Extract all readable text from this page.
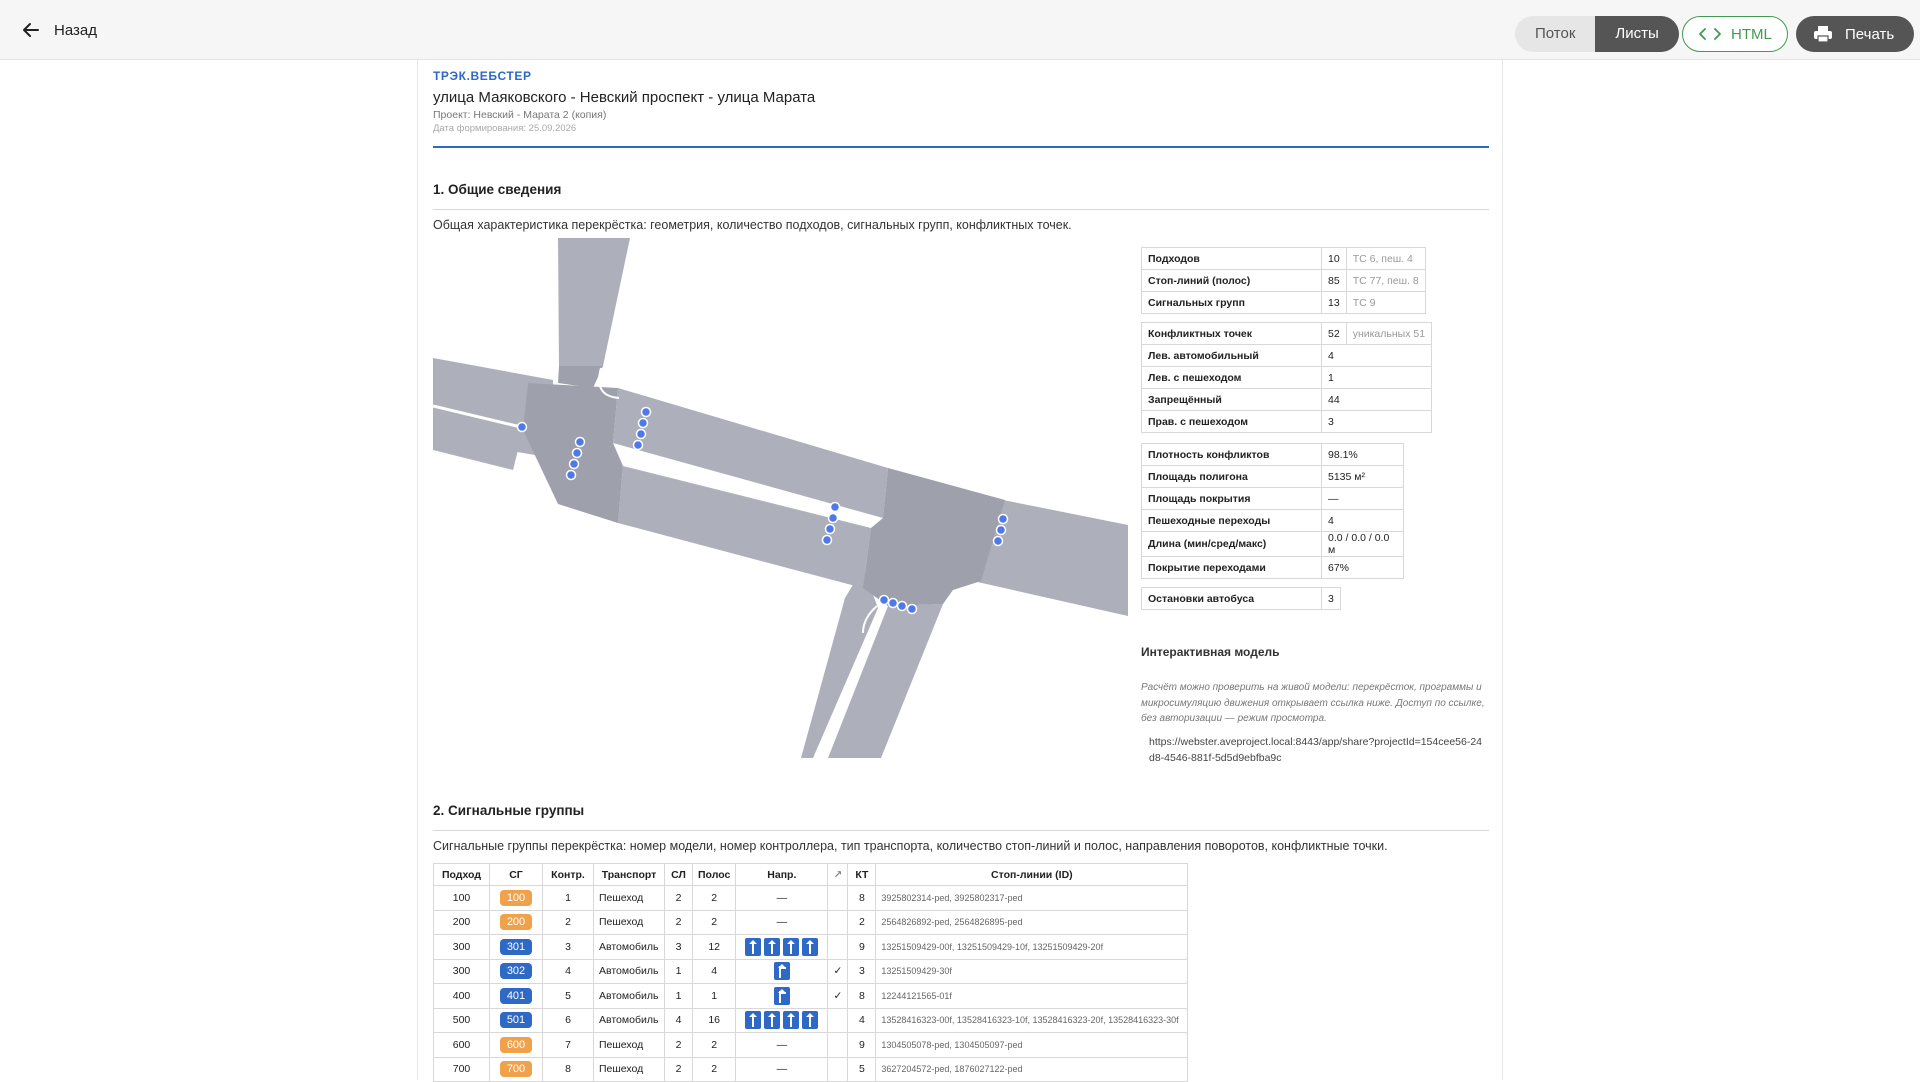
Назад	Поток	Листы	HTML	Печать
ТРЭК.ВЕБСТЕР
улица Маяковского - Невский проспект - улица Марата
Проект: Невский - Марата 2 (копия)
Дата формирования: 25.09.2026
1. Общие сведения
Общая характеристика перекрёстка: геометрия, количество подходов, сигнальных групп, конфликтных точек.
Подходов	10	ТС 6, пеш. 4
Стоп-линий (полос)	85	ТС 77, пеш. 8
Сигнальных групп	13	ТС 9
Конфликтных точек	52	уникальных 51
Лев. автомобильный	4	
Лев. с пешеходом	1	
Запрещённый	44	
Прав. с пешеходом	3	
Плотность конфликтов	98.1%
Площадь полигона	5135 м²
Площадь покрытия	—
Пешеходные переходы	4
Длина (мин/сред/макс)	0.0 / 0.0 / 0.0 м
Покрытие переходами	67%
Остановки автобуса	3
Интерактивная модель
Расчёт можно проверить на живой модели: перекрёсток, программы и микросимуляцию движения открывает ссылка ниже. Доступ по ссылке, без авторизации — режим просмотра.
https://webster.aveproject.local:8443/app/share?projectId=154cee56-24d8-4546-881f-5d5d9ebfba9c
2. Сигнальные группы
Сигнальные группы перекрёстка: номер модели, номер контроллера, тип транспорта, количество стоп-линий и полос, направления поворотов, конфликтные точки.
Подход	СГ	Контр.	Транспорт	СЛ	Полос	Напр.	↗	КТ	Стоп-линии (ID)
100	100	1	Пешеход	2	2	—		8	3925802314-ped, 3925802317-ped
200	200	2	Пешеход	2	2	—		2	2564826892-ped, 2564826895-ped
300	301	3	Автомобиль	3	12			9	13251509429-00f, 13251509429-10f, 13251509429-20f
300	302	4	Автомобиль	1	4		✓	3	13251509429-30f
400	401	5	Автомобиль	1	1		✓	8	12244121565-01f
500	501	6	Автомобиль	4	16			4	13528416323-00f, 13528416323-10f, 13528416323-20f, 13528416323-30f
600	600	7	Пешеход	2	2	—		9	1304505078-ped, 1304505097-ped
700	700	8	Пешеход	2	2	—		5	3627204572-ped, 1876027122-ped
